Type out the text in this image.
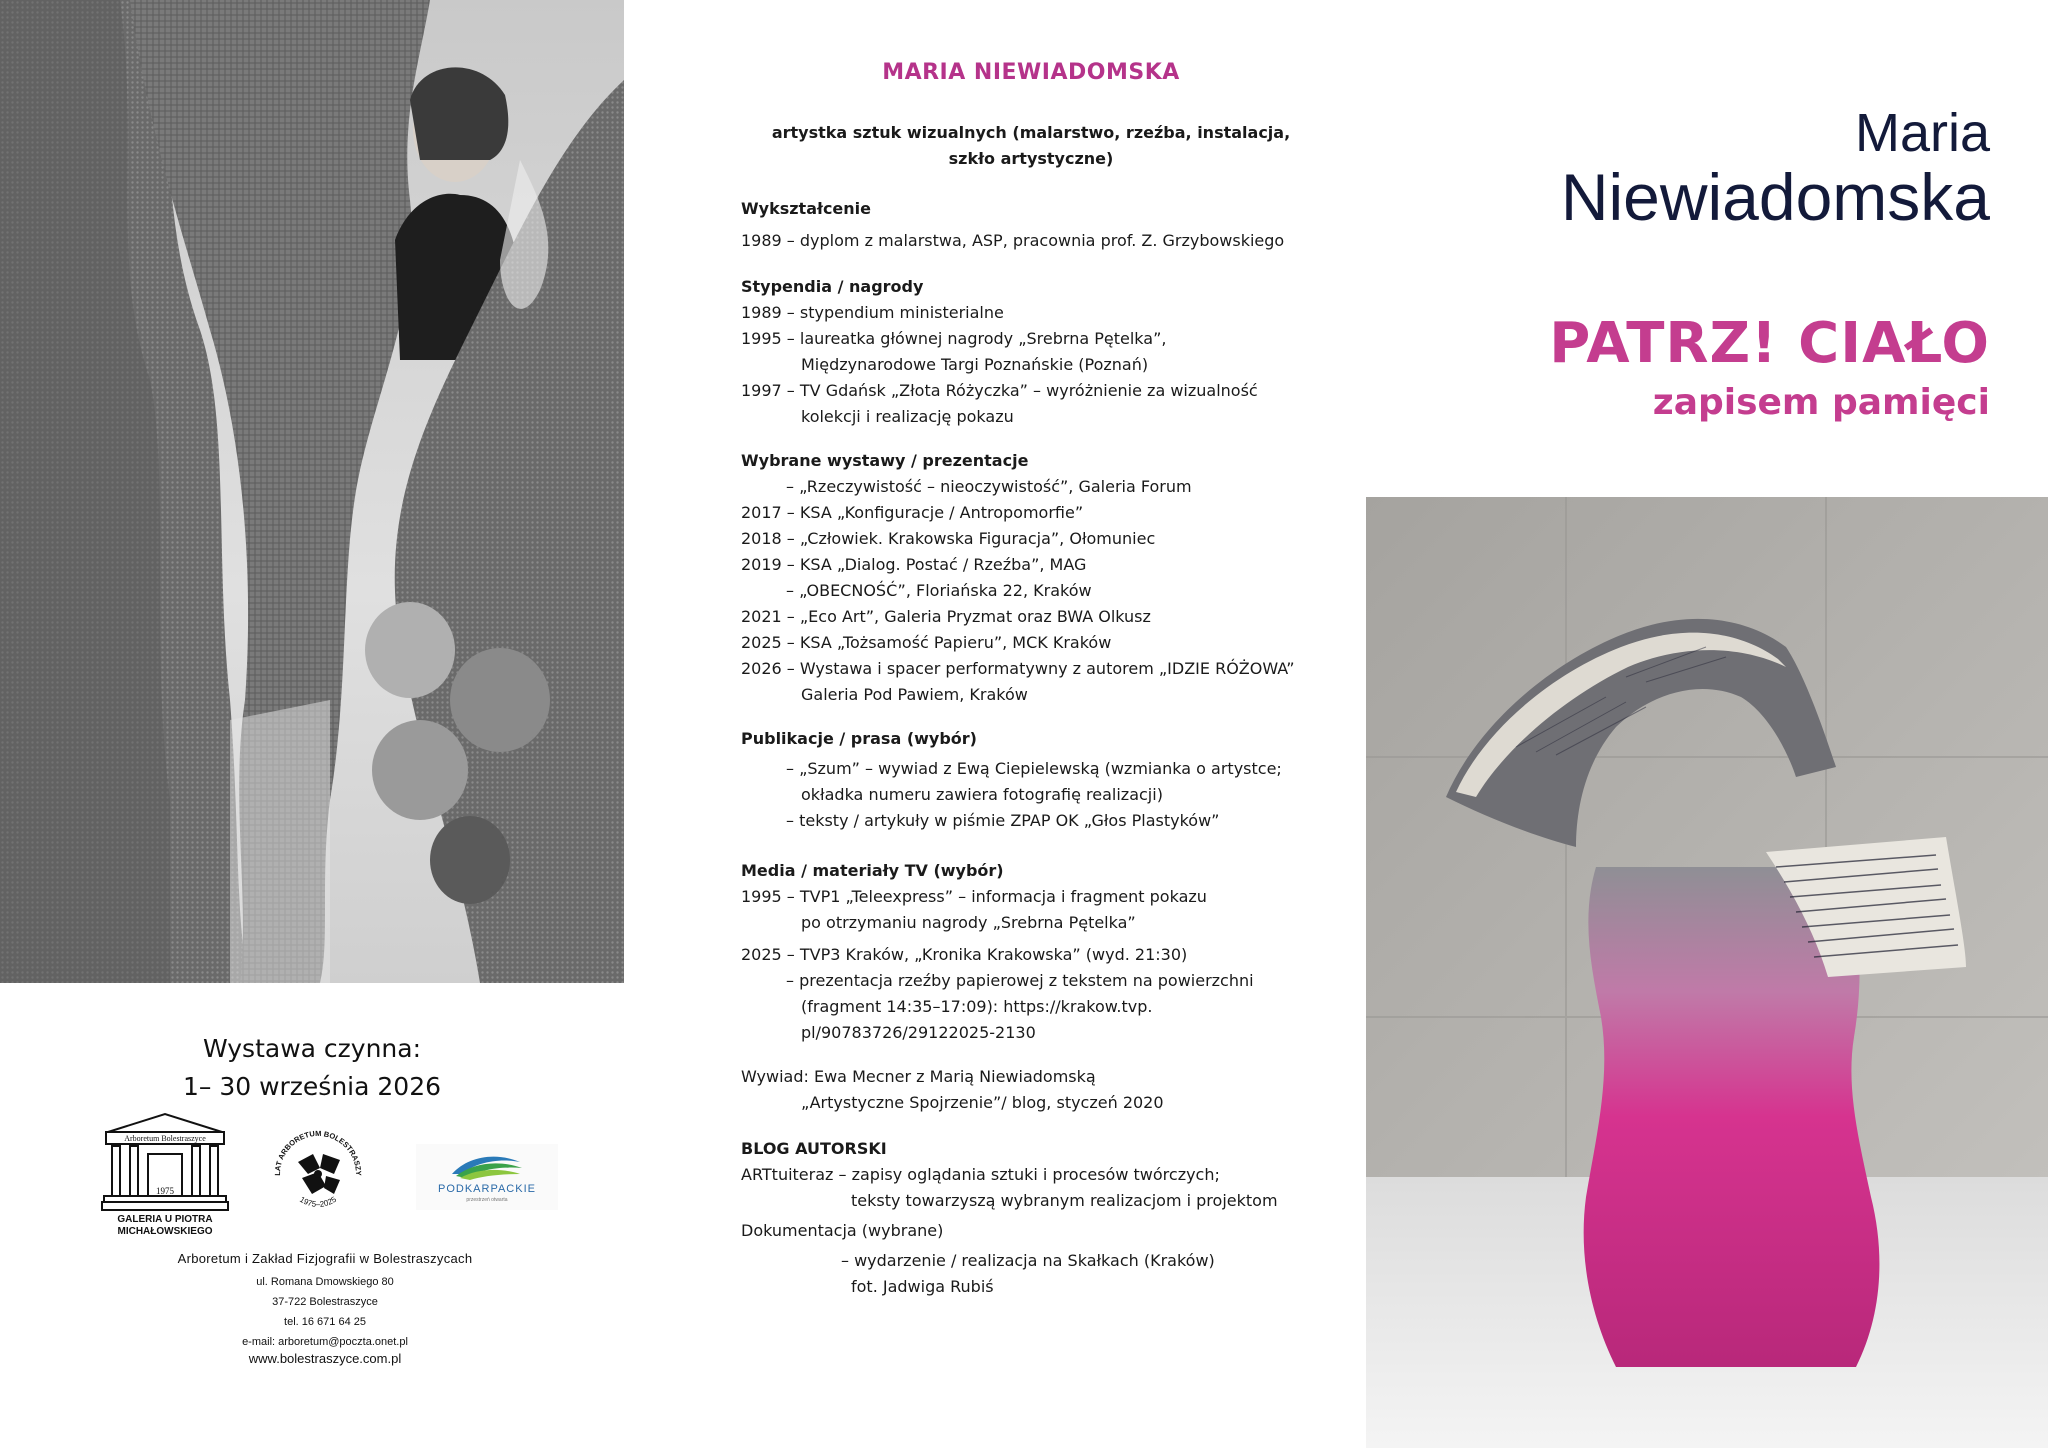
Wystawa czynna:
1– 30 września 2026
Arboretum Bolestraszyce
1975
GALERIA U PIOTRA
MICHAŁOWSKIEGO
LAT ARBORETUM BOLESTRASZY
1975–2025
PODKARPACKIE
przestrzeń otwarta
Arboretum i Zakład Fizjografii w Bolestraszycach
ul. Romana Dmowskiego 80
37-722 Bolestraszyce
tel. 16 671 64 25
e-mail: arboretum@poczta.onet.pl
www.bolestraszyce.com.pl
MARIA NIEWIADOMSKA
artystka sztuk wizualnych (malarstwo, rzeźba, instalacja,
szkło artystyczne)
Wykształcenie
1989 – dyplom z malarstwa, ASP, pracownia prof. Z. Grzybowskiego
Stypendia / nagrody
1989 – stypendium ministerialne
1995 – laureatka głównej nagrody „Srebrna Pętelka”,
Międzynarodowe Targi Poznańskie (Poznań)
1997 – TV Gdańsk „Złota Różyczka” – wyróżnienie za wizualność
kolekcji i realizację pokazu
Wybrane wystawy / prezentacje
– „Rzeczywistość – nieoczywistość”, Galeria Forum
2017 – KSA „Konfiguracje / Antropomorfie”
2018 – „Człowiek. Krakowska Figuracja”, Ołomuniec
2019 – KSA „Dialog. Postać / Rzeźba”, MAG
– „OBECNOŚĆ”, Floriańska 22, Kraków
2021 – „Eco Art”, Galeria Pryzmat oraz BWA Olkusz
2025 – KSA „Tożsamość Papieru”, MCK Kraków
2026 – Wystawa i spacer performatywny z autorem „IDZIE RÓŻOWA”
Galeria Pod Pawiem, Kraków
Publikacje / prasa (wybór)
– „Szum” – wywiad z Ewą Ciepielewską (wzmianka o artystce;
okładka numeru zawiera fotografię realizacji)
– teksty / artykuły w piśmie ZPAP OK „Głos Plastyków”
Media / materiały TV (wybór)
1995 – TVP1 „Teleexpress” – informacja i fragment pokazu
po otrzymaniu nagrody „Srebrna Pętelka”
2025 – TVP3 Kraków, „Kronika Krakowska” (wyd. 21:30)
– prezentacja rzeźby papierowej z tekstem na powierzchni
(fragment 14:35–17:09): https://krakow.tvp.
pl/90783726/29122025-2130
Wywiad: Ewa Mecner z Marią Niewiadomską
„Artystyczne Spojrzenie”/ blog, styczeń 2020
BLOG AUTORSKI
ARTtuiteraz – zapisy oglądania sztuki i procesów twórczych;
teksty towarzyszą wybranym realizacjom i projektom
Dokumentacja (wybrane)
– wydarzenie / realizacja na Skałkach (Kraków)
fot. Jadwiga Rubiś
Maria
Niewiadomska
PATRZ! CIAŁO
zapisem pamięci
